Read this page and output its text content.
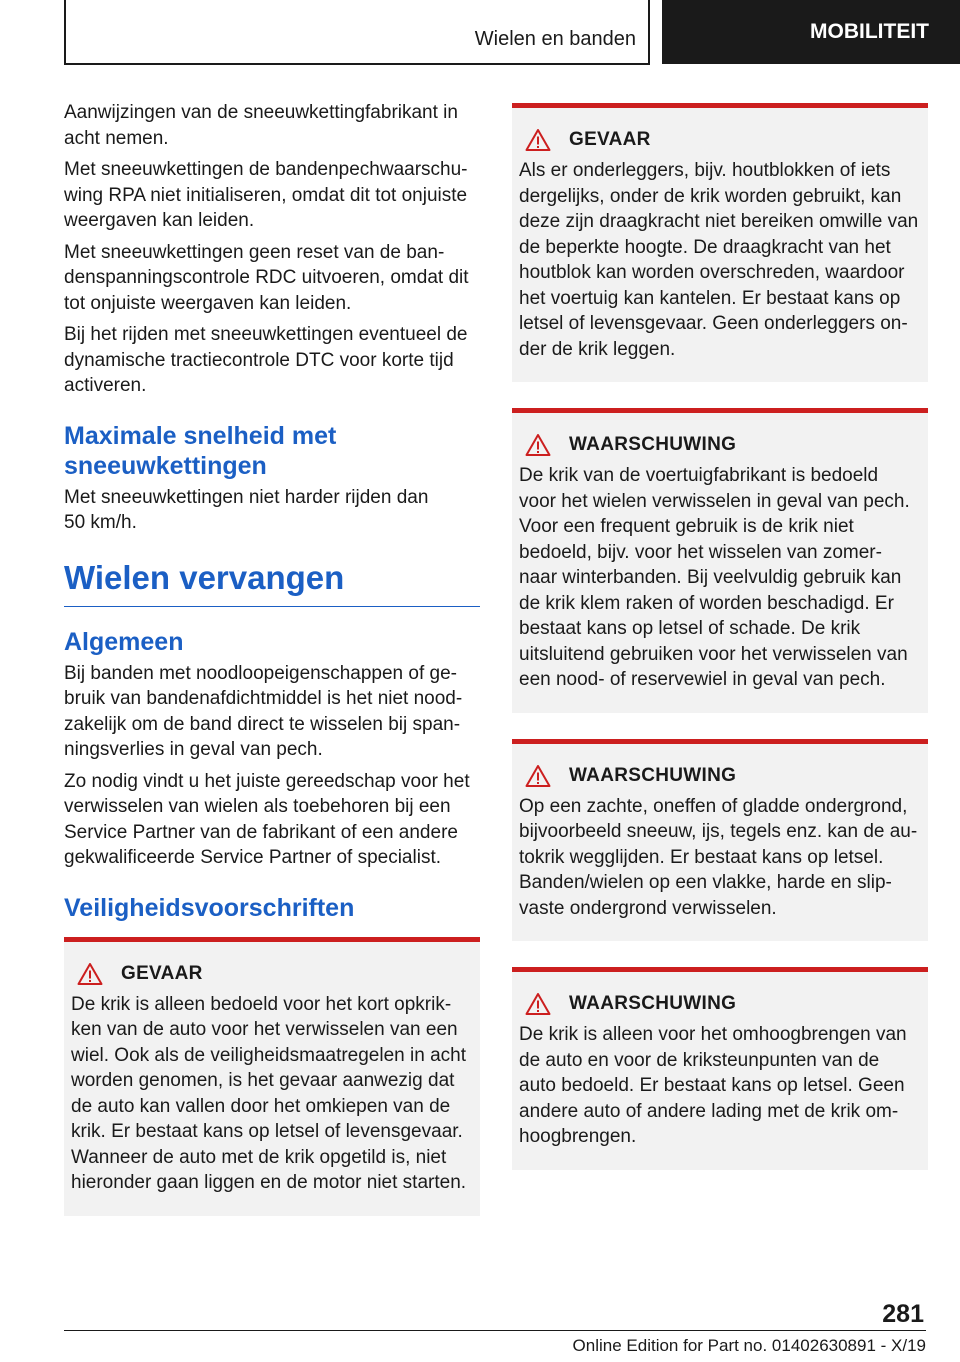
Wielen en banden	MOBILITEIT

Aanwijzingen van de sneeuwkettingfabrikant in acht nemen.

Met sneeuwkettingen de bandenpechwaarschuwing RPA niet initialiseren, omdat dit tot onjuiste weergaven kan leiden.

Met sneeuwkettingen geen reset van de bandenspanningscontrole RDC uitvoeren, omdat dit tot onjuiste weergaven kan leiden.

Bij het rijden met sneeuwkettingen eventueel de dynamische tractiecontrole DTC voor korte tijd activeren.

Maximale snelheid met sneeuwkettingen

Met sneeuwkettingen niet harder rijden dan 50 km/h.

Wielen vervangen
Algemeen

Bij banden met noodloopeigenschappen of gebruik van bandenafdichtmiddel is het niet noodzakelijk om de band direct te wisselen bij spanningsverlies in geval van pech.

Zo nodig vindt u het juiste gereedschap voor het verwisselen van wielen als toebehoren bij een Service Partner van de fabrikant of een andere gekwalificeerde Service Partner of specialist.

Veiligheidsvoorschriften
GEVAAR

De krik is alleen bedoeld voor het kort opkrikken van de auto voor het verwisselen van een wiel. Ook als de veiligheidsmaatregelen in acht worden genomen, is het gevaar aanwezig dat de auto kan vallen door het omkiepen van de krik. Er bestaat kans op letsel of levensgevaar. Wanneer de auto met de krik opgetild is, niet hieronder gaan liggen en de motor niet starten.

GEVAAR

Als er onderleggers, bijv. houtblokken of iets dergelijks, onder de krik worden gebruikt, kan deze zijn draagkracht niet bereiken omwille van de beperkte hoogte. De draagkracht van het houtblok kan worden overschreden, waardoor het voertuig kan kantelen. Er bestaat kans op letsel of levensgevaar. Geen onderleggers onder de krik leggen.

WAARSCHUWING

De krik van de voertuigfabrikant is bedoeld voor het wielen verwisselen in geval van pech. Voor een frequent gebruik is de krik niet bedoeld, bijv. voor het wisselen van zomer- naar winterbanden. Bij veelvuldig gebruik kan de krik klem raken of worden beschadigd. Er bestaat kans op letsel of schade. De krik uitsluitend gebruiken voor het verwisselen van een nood- of reservewiel in geval van pech.

WAARSCHUWING

Op een zachte, oneffen of gladde ondergrond, bijvoorbeeld sneeuw, ijs, tegels enz. kan de autokrik wegglijden. Er bestaat kans op letsel. Banden/wielen op een vlakke, harde en slipvaste ondergrond verwisselen.

WAARSCHUWING

De krik is alleen voor het omhoogbrengen van de auto en voor de kriksteunpunten van de auto bedoeld. Er bestaat kans op letsel. Geen andere auto of andere lading met de krik omhoogbrengen.

281
Online Edition for Part no. 01402630891 - X/19
